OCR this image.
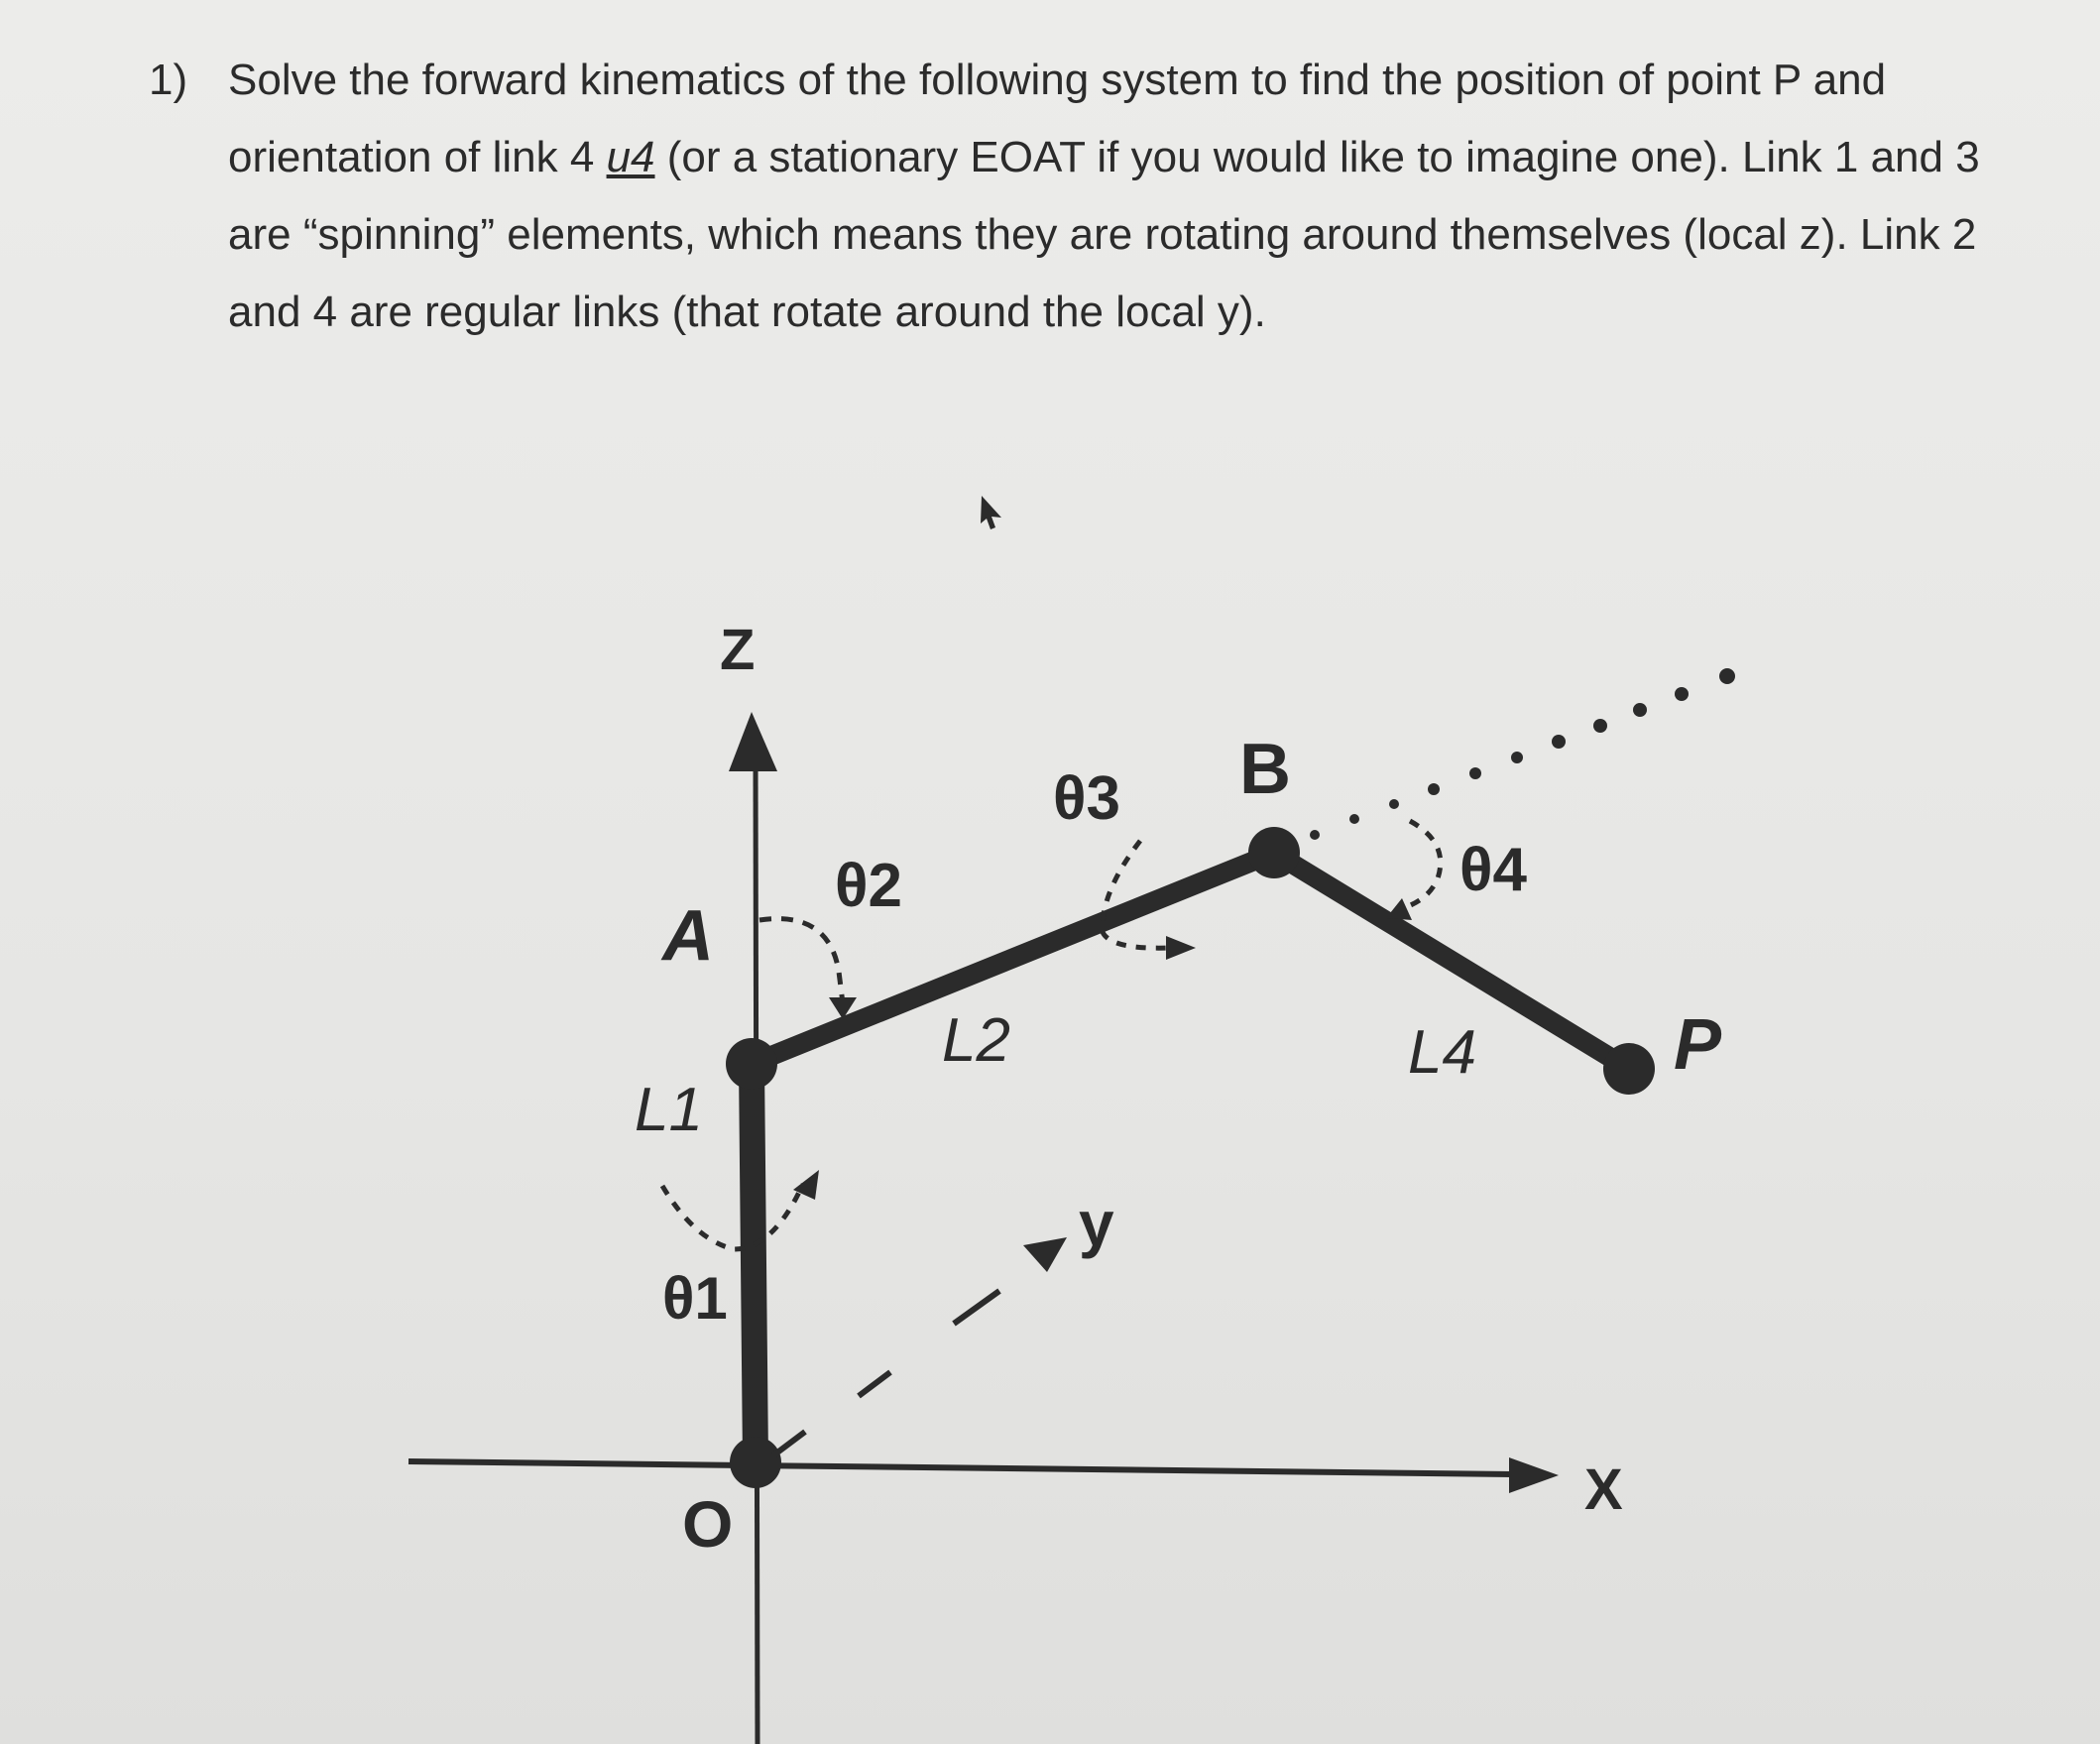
1) Solve the forward kinematics of the following system to find the position of point P and
orientation of link 4 u4 (or a stationary EOAT if you would like to imagine one). Link 1 and 3
are “spinning” elements, which means they are rotating around themselves (local z). Link 2
and 4 are regular links (that rotate around the local y).
Z
X
y
O
A
B
P
L1
L2	L4
θ1
θ2
θ3
θ4
